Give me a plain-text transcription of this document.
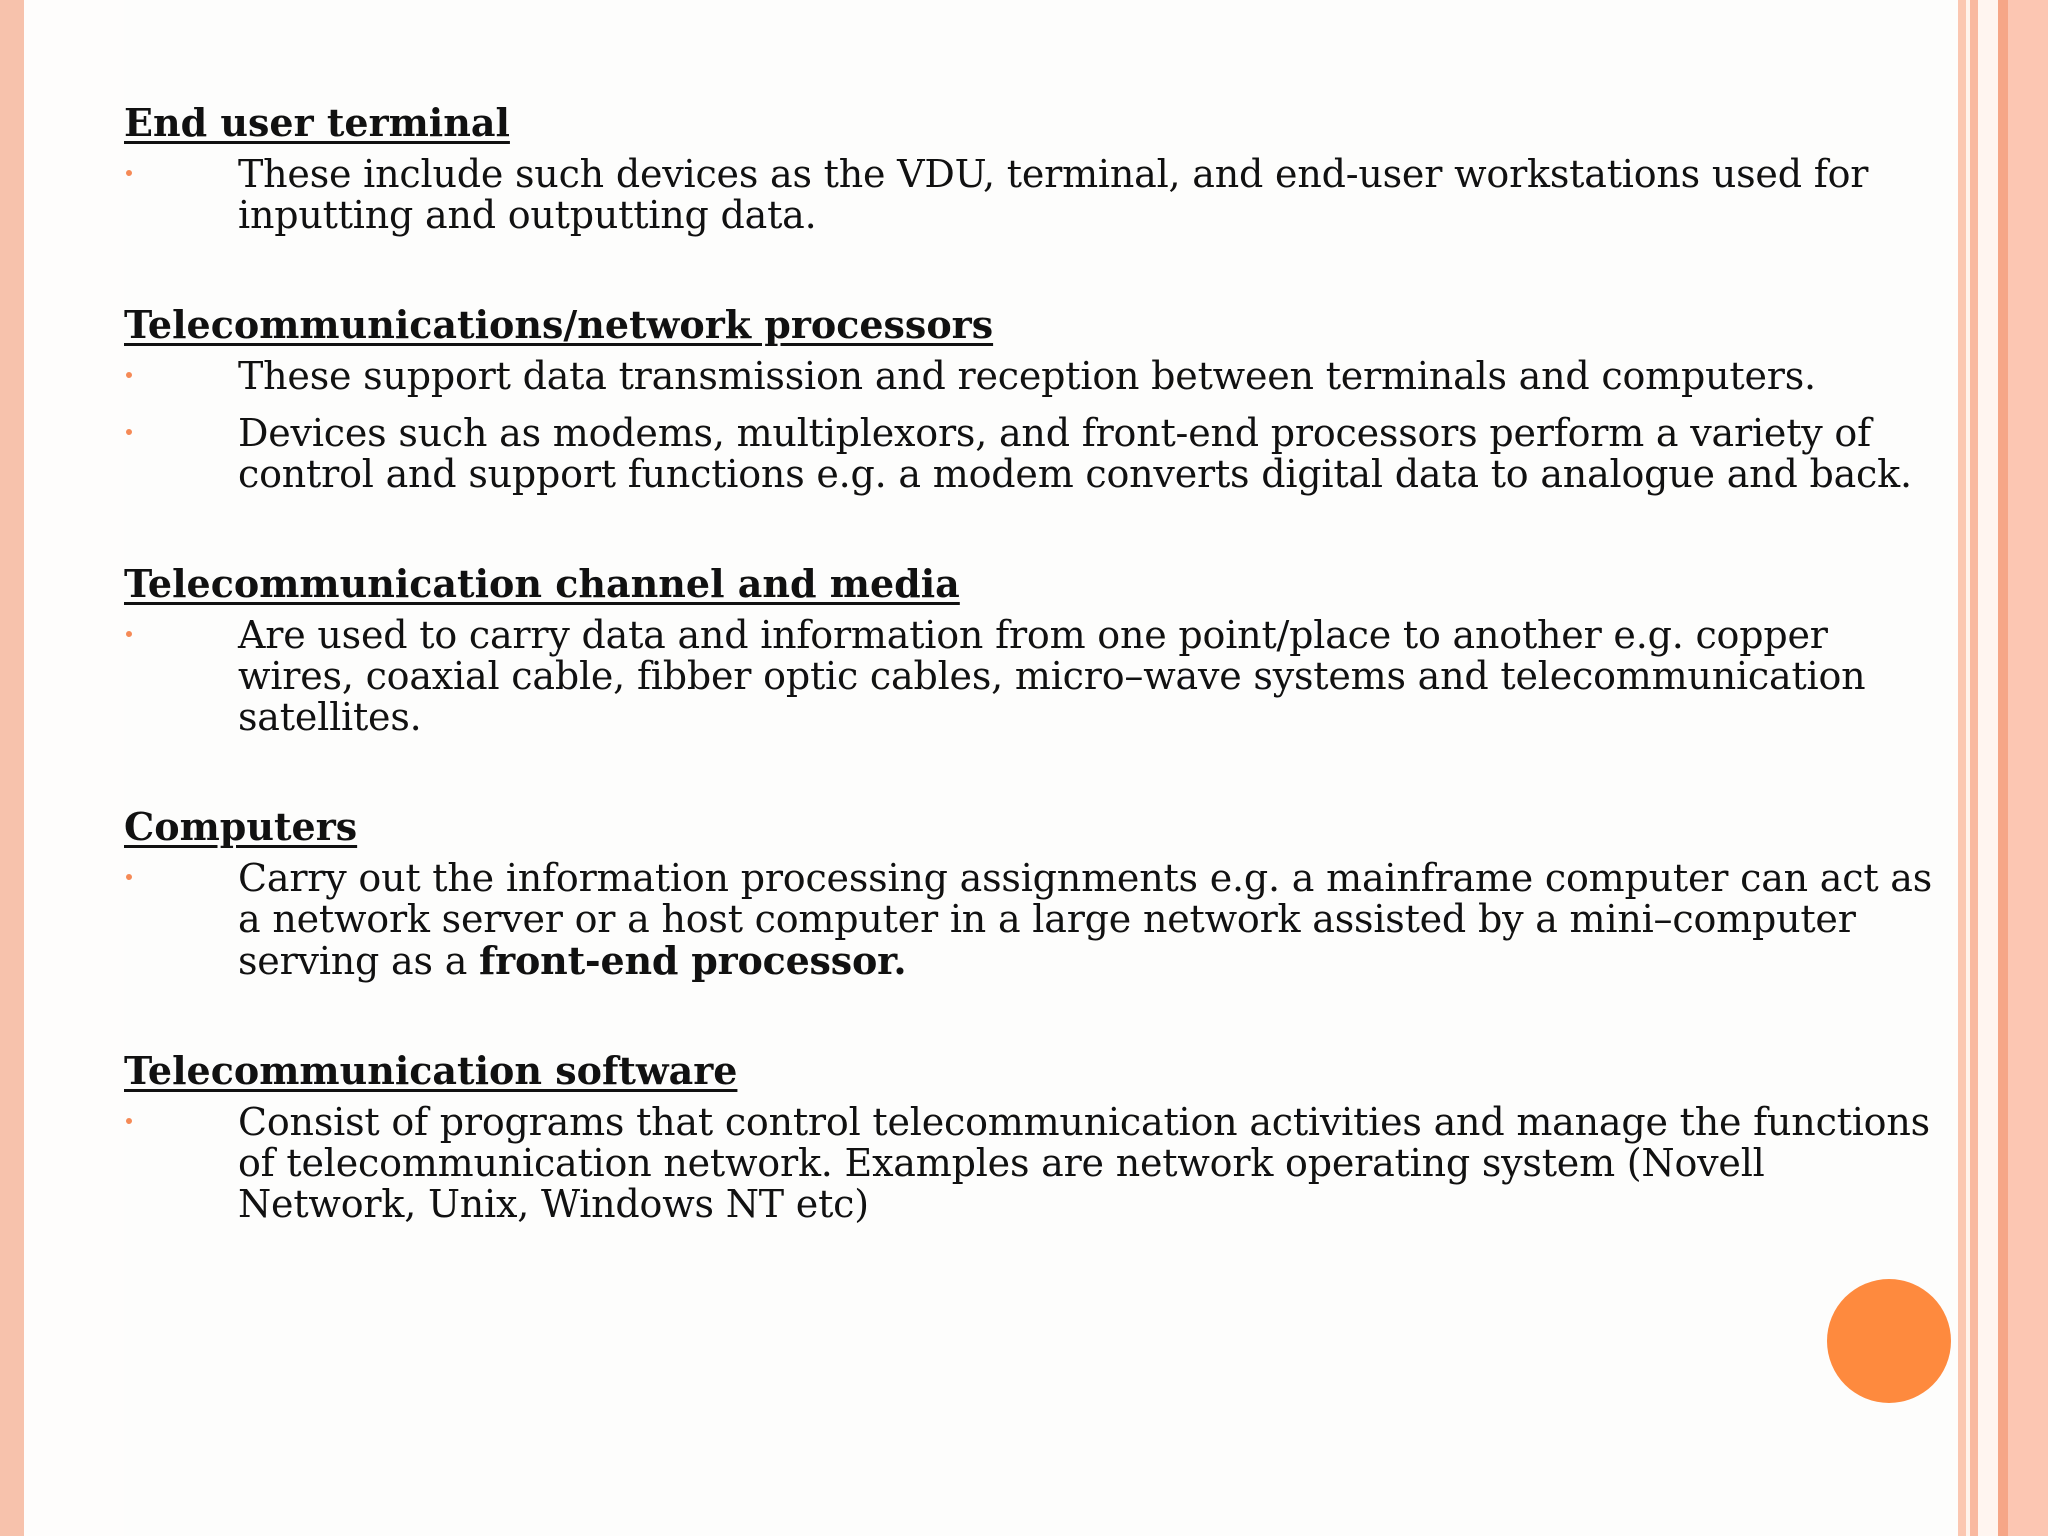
End user terminal
These include such devices as the VDU, terminal, and end-user workstations used for inputting and outputting data.
Telecommunications/network processors
These support data transmission and reception between terminals and computers.
Devices such as modems, multiplexors, and front-end processors perform a variety of control and support functions e.g. a modem converts digital data to analogue and back.
Telecommunication channel and media
Are used to carry data and information from one point/place to another e.g. copper wires, coaxial cable, fibber optic cables, micro–wave systems and telecommunication satellites.
Computers
Carry out the information processing assignments e.g. a mainframe computer can act as a network server or a host computer in a large network assisted by a mini–computer serving as a front-end processor.
Telecommunication software
Consist of programs that control telecommunication activities and manage the functions of telecommunication network. Examples are network operating system (Novell Network, Unix, Windows NT etc)
